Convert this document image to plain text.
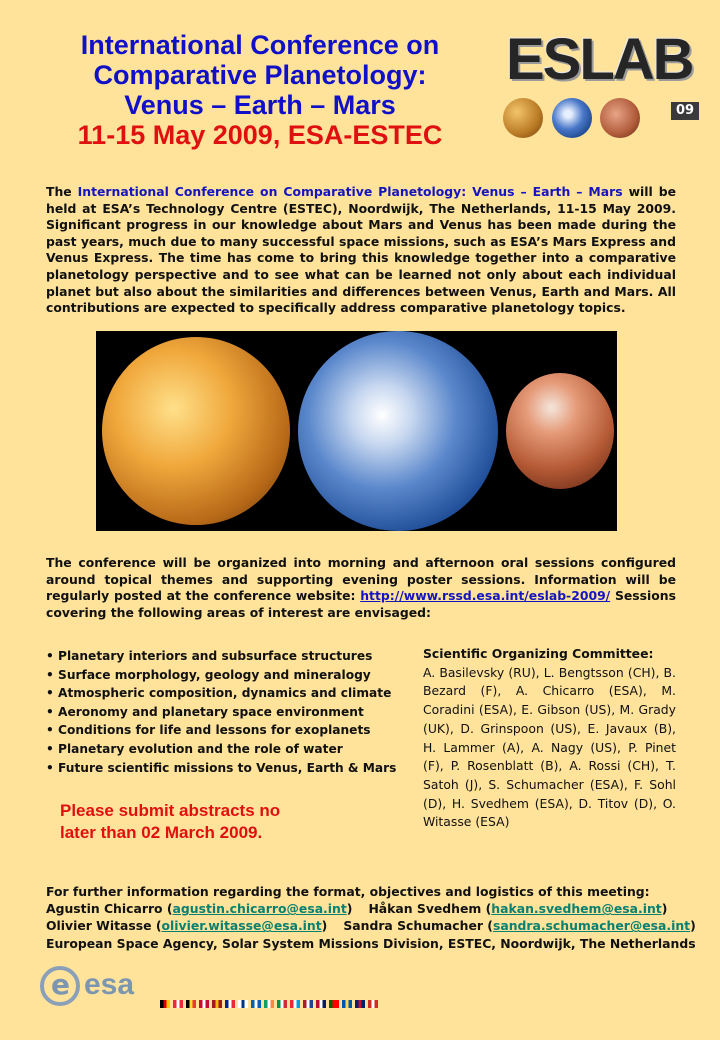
International Conference on
Comparative Planetology:
Venus – Earth – Mars
11-15 May 2009, ESA-ESTEC
ESLAB
09
The International Conference on Comparative Planetology: Venus – Earth – Mars will be held at ESA’s Technology Centre (ESTEC), Noordwijk, The Netherlands, 11-15 May 2009. Significant progress in our knowledge about Mars and Venus has been made during the past years, much due to many successful space missions, such as ESA’s Mars Express and Venus Express. The time has come to bring this knowledge together into a comparative planetology perspective and to see what can be learned not only about each individual planet but also about the similarities and differences between Venus, Earth and Mars. All contributions are expected to specifically address comparative planetology topics.
The conference will be organized into morning and afternoon oral sessions configured around topical themes and supporting evening poster sessions. Information will be regularly posted at the conference website: http://www.rssd.esa.int/eslab-2009/ Sessions covering the following areas of interest are envisaged:
• Planetary interiors and subsurface structures
• Surface morphology, geology and mineralogy
• Atmospheric composition, dynamics and climate
• Aeronomy and planetary space environment
• Conditions for life and lessons for exoplanets
• Planetary evolution and the role of water
• Future scientific missions to Venus, Earth & Mars
Scientific Organizing Committee:
A. Basilevsky (RU), L. Bengtsson (CH), B. Bezard (F), A. Chicarro (ESA), M. Coradini (ESA), E. Gibson (US), M. Grady (UK), D. Grinspoon (US), E. Javaux (B), H. Lammer (A), A. Nagy (US), P. Pinet (F), P. Rosenblatt (B), A. Rossi (CH), T. Satoh (J), S. Schumacher (ESA), F. Sohl (D), H. Svedhem (ESA), D. Titov (D), O. Witasse (ESA)
Please submit abstracts no
later than 02 March 2009.
For further information regarding the format, objectives and logistics of this meeting:
Agustin Chicarro (agustin.chicarro@esa.int) Håkan Svedhem (hakan.svedhem@esa.int)
Olivier Witasse (olivier.witasse@esa.int) Sandra Schumacher (sandra.schumacher@esa.int)
European Space Agency, Solar System Missions Division, ESTEC, Noordwijk, The Netherlands
e esa
